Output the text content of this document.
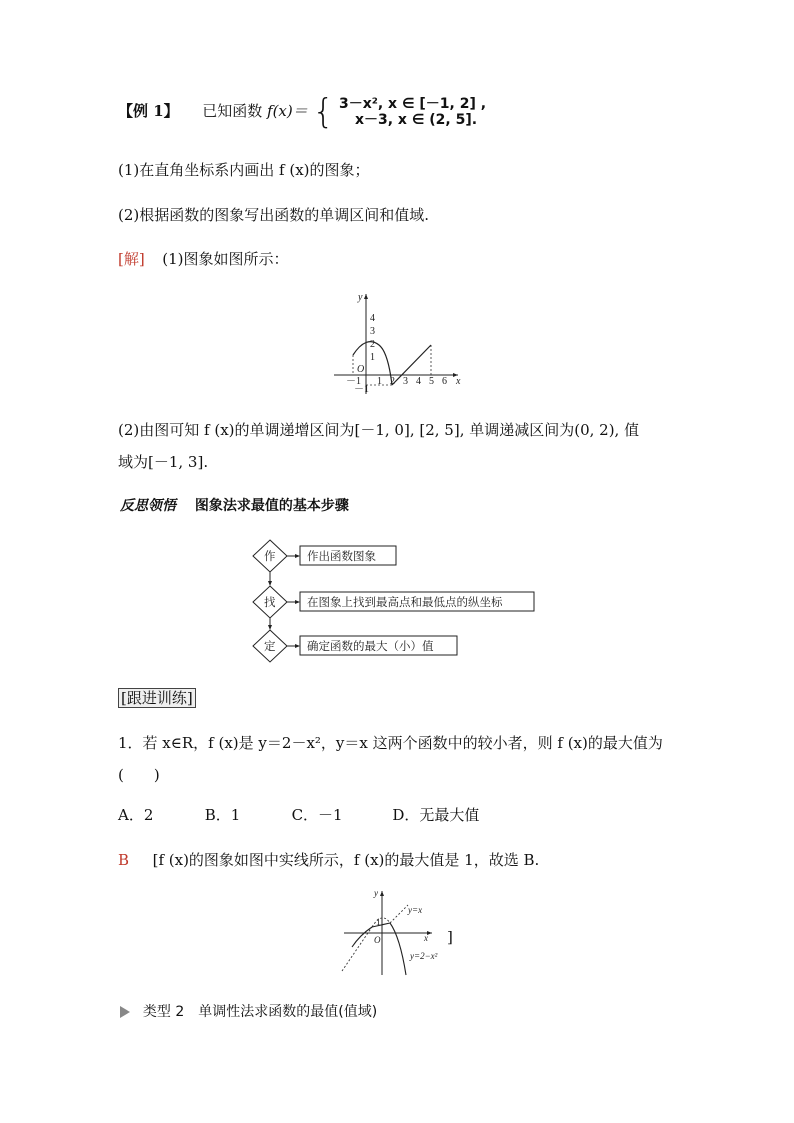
【例 1】 已知函数 f(x)＝ { 3－x², x ∈ [－1, 2] ,
x－3, x ∈ (2, 5].
(1)在直角坐标系内画出 f (x)的图象；
(2)根据函数的图象写出函数的单调区间和值域.
[解] (1)图象如图所示：
y
x
O
4
3
2
1
－1
－1 1 2 3 4 5 6
(2)由图可知 f (x)的单调递增区间为[－1, 0], [2, 5], 单调递减区间为(0, 2), 值
域为[－1, 3].
反思领悟 图象法求最值的基本步骤
作
找
定
作出函数图象
在图象上找到最高点和最低点的纵坐标
确定函数的最大（小）值
[跟进训练]
1．若 x∈R，f (x)是 y＝2－x²，y＝x 这两个函数中的较小者，则 f (x)的最大值为
(　　)
A．2	B．1	C．－1	D．无最大值
B [f (x)的图象如图中实线所示，f (x)的最大值是 1，故选 B.
y
x
O
1
y=x
y=2−x²
]
类型 2　单调性法求函数的最值(值域)
